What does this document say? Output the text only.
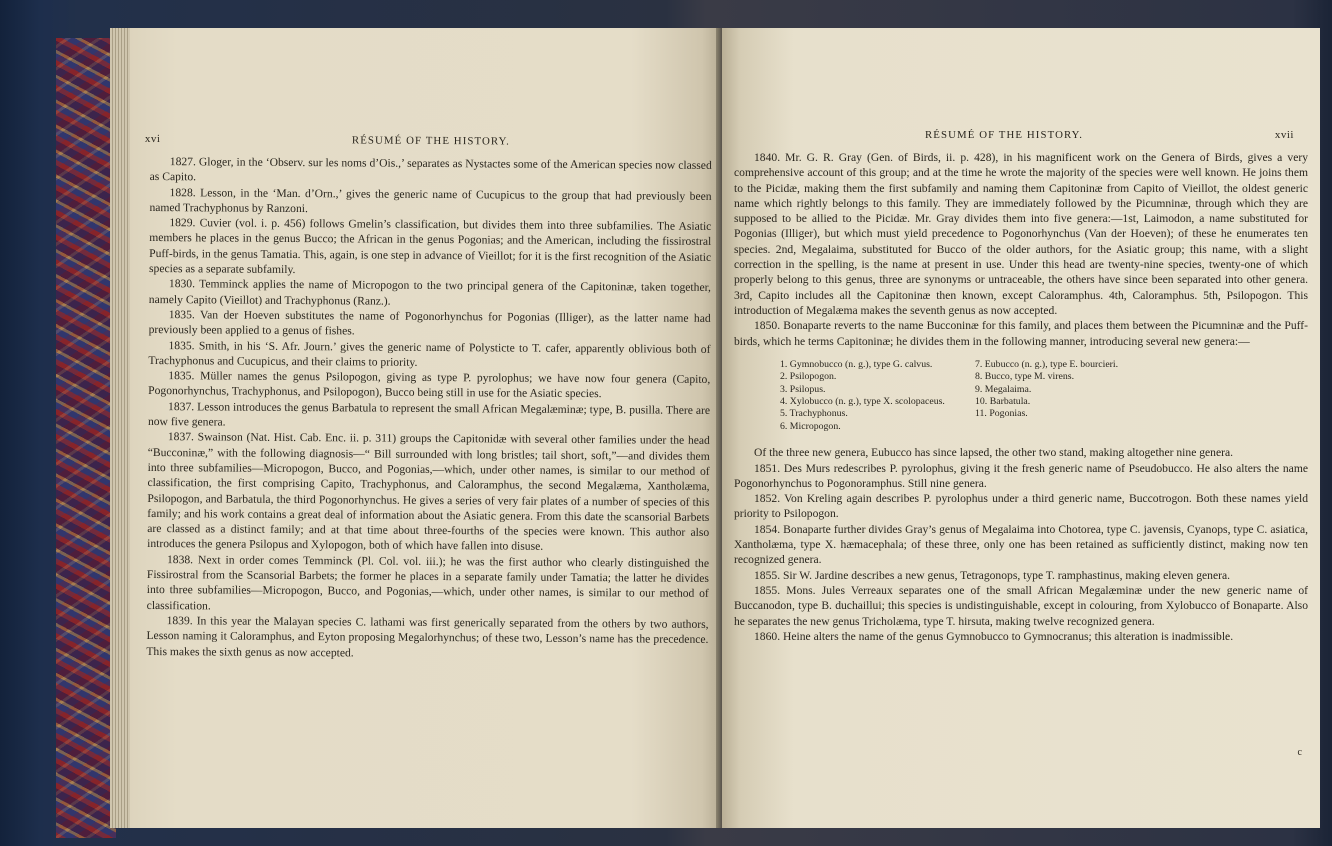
xvi	RÉSUMÉ OF THE HISTORY.

1827. Gloger, in the ‘Observ. sur les noms d’Ois.,’ separates as Nystactes some of the American species now classed as Capito.

1828. Lesson, in the ‘Man. d’Orn.,’ gives the generic name of Cucupicus to the group that had previously been named Trachyphonus by Ranzoni.

1829. Cuvier (vol. i. p. 456) follows Gmelin’s classification, but divides them into three subfamilies. The Asiatic members he places in the genus Bucco; the African in the genus Pogonias; and the American, including the fissirostral Puff-birds, in the genus Tamatia. This, again, is one step in advance of Vieillot; for it is the first recognition of the Asiatic species as a separate subfamily.

1830. Temminck applies the name of Micropogon to the two principal genera of the Capitoninæ, taken together, namely Capito (Vieillot) and Trachyphonus (Ranz.).

1835. Van der Hoeven substitutes the name of Pogonorhynchus for Pogonias (Illiger), as the latter name had previously been applied to a genus of fishes.

1835. Smith, in his ‘S. Afr. Journ.’ gives the generic name of Polysticte to T. cafer, apparently oblivious both of Trachyphonus and Cucupicus, and their claims to priority.

1835. Müller names the genus Psilopogon, giving as type P. pyrolophus; we have now four genera (Capito, Pogonorhynchus, Trachyphonus, and Psilopogon), Bucco being still in use for the Asiatic species.

1837. Lesson introduces the genus Barbatula to represent the small African Megalæminæ; type, B. pusilla. There are now five genera.

1837. Swainson (Nat. Hist. Cab. Enc. ii. p. 311) groups the Capitonidæ with several other families under the head “Bucconinæ,” with the following diagnosis—“ Bill surrounded with long bristles; tail short, soft,”—and divides them into three subfamilies—Micropogon, Bucco, and Pogonias,—which, under other names, is similar to our method of classification, the first comprising Capito, Trachyphonus, and Caloramphus, the second Megalæma, Xantholæma, Psilopogon, and Barbatula, the third Pogonorhynchus. He gives a series of very fair plates of a number of species of this family; and his work contains a great deal of information about the Asiatic genera. From this date the scansorial Barbets are classed as a distinct family; and at that time about three-fourths of the species were known. This author also introduces the genera Psilopus and Xylopogon, both of which have fallen into disuse.

1838. Next in order comes Temminck (Pl. Col. vol. iii.); he was the first author who clearly distinguished the Fissirostral from the Scansorial Barbets; the former he places in a separate family under Tamatia; the latter he divides into three subfamilies—Micropogon, Bucco, and Pogonias,—which, under other names, is similar to our method of classification.

1839. In this year the Malayan species C. lathami was first generically separated from the others by two authors, Lesson naming it Caloramphus, and Eyton proposing Megalorhynchus; of these two, Lesson’s name has the precedence. This makes the sixth genus as now accepted.

RÉSUMÉ OF THE HISTORY.	xvii

1840. Mr. G. R. Gray (Gen. of Birds, ii. p. 428), in his magnificent work on the Genera of Birds, gives a very comprehensive account of this group; and at the time he wrote the majority of the species were well known. He joins them to the Picidæ, making them the first subfamily and naming them Capitoninæ from Capito of Vieillot, the oldest generic name which rightly belongs to this family. They are immediately followed by the Picumninæ, through which they are supposed to be allied to the Picidæ. Mr. Gray divides them into five genera:—1st, Laimodon, a name substituted for Pogonias (Illiger), but which must yield precedence to Pogonorhynchus (Van der Hoeven); of these he enumerates ten species. 2nd, Megalaima, substituted for Bucco of the older authors, for the Asiatic group; this name, with a slight correction in the spelling, is the name at present in use. Under this head are twenty-nine species, twenty-one of which properly belong to this genus, three are synonyms or untraceable, the others have since been separated into other genera. 3rd, Capito includes all the Capitoninæ then known, except Caloramphus. 4th, Caloramphus. 5th, Psilopogon. This introduction of Megalæma makes the seventh genus as now accepted.

1850. Bonaparte reverts to the name Bucconinæ for this family, and places them between the Picumninæ and the Puff-birds, which he terms Capitoninæ; he divides them in the following manner, introducing several new genera:—

1. Gymnobucco (n. g.), type G. calvus.
2. Psilopogon.
3. Psilopus.
4. Xylobucco (n. g.), type X. scolopaceus.
5. Trachyphonus.
6. Micropogon.
7. Eubucco (n. g.), type E. bourcieri.
8. Bucco, type M. virens.
9. Megalaima.
10. Barbatula.
11. Pogonias.

Of the three new genera, Eubucco has since lapsed, the other two stand, making altogether nine genera.

1851. Des Murs redescribes P. pyrolophus, giving it the fresh generic name of Pseudobucco. He also alters the name Pogonorhynchus to Pogonoramphus. Still nine genera.

1852. Von Kreling again describes P. pyrolophus under a third generic name, Buccotrogon. Both these names yield priority to Psilopogon.

1854. Bonaparte further divides Gray’s genus of Megalaima into Chotorea, type C. javensis, Cyanops, type C. asiatica, Xantholæma, type X. hæmacephala; of these three, only one has been retained as sufficiently distinct, making now ten recognized genera.

1855. Sir W. Jardine describes a new genus, Tetragonops, type T. ramphastinus, making eleven genera.

1855. Mons. Jules Verreaux separates one of the small African Megalæminæ under the new generic name of Buccanodon, type B. duchaillui; this species is undistinguishable, except in colouring, from Xylobucco of Bonaparte. Also he separates the new genus Tricholæma, type T. hirsuta, making twelve recognized genera.

1860. Heine alters the name of the genus Gymnobucco to Gymnocranus; this alteration is inadmissible.

c
